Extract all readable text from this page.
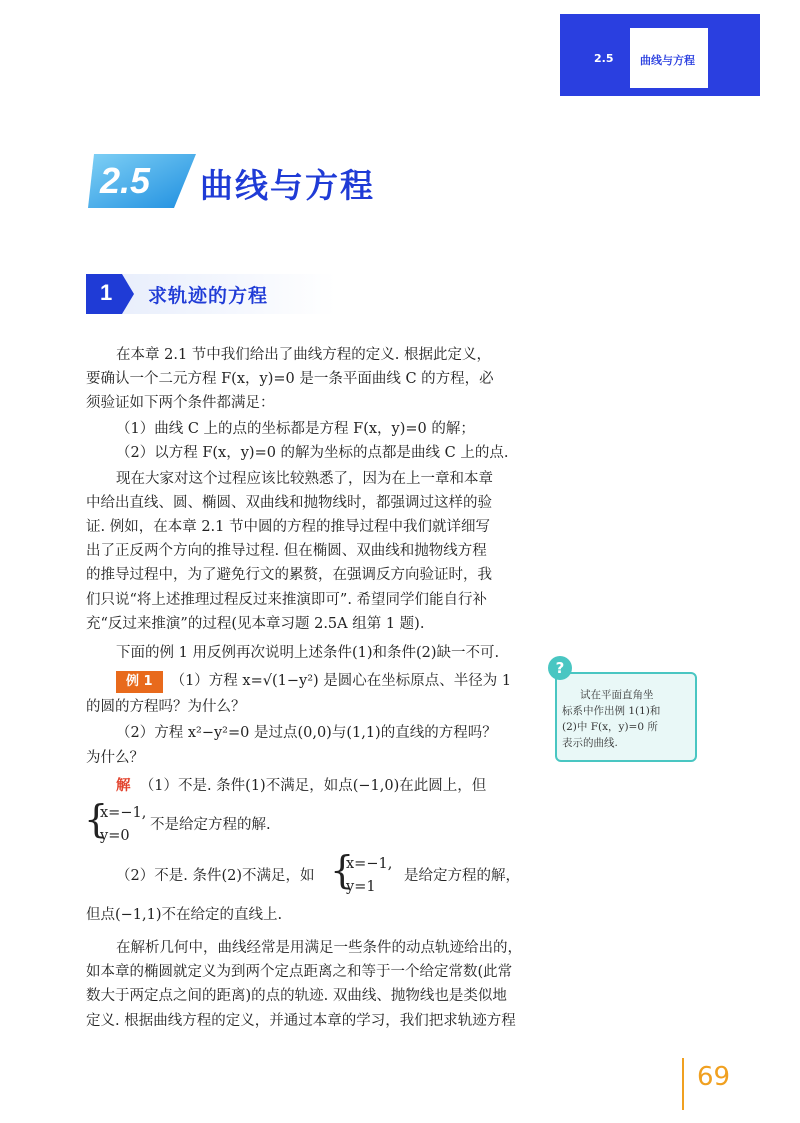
2.5 曲线与方程
* 2.5 曲线与方程
1 求轨迹的方程
在本章 2.1 节中我们给出了曲线方程的定义. 根据此定义，
要确认一个二元方程 F(x，y)=0 是一条平面曲线 C 的方程，必
须验证如下两个条件都满足：
（1）曲线 C 上的点的坐标都是方程 F(x，y)=0 的解；
（2）以方程 F(x，y)=0 的解为坐标的点都是曲线 C 上的点.
现在大家对这个过程应该比较熟悉了，因为在上一章和本章
中给出直线、圆、椭圆、双曲线和抛物线时，都强调过这样的验
证. 例如，在本章 2.1 节中圆的方程的推导过程中我们就详细写
出了正反两个方向的推导过程. 但在椭圆、双曲线和抛物线方程
的推导过程中，为了避免行文的累赘，在强调反方向验证时，我
们只说“将上述推理过程反过来推演即可”. 希望同学们能自行补
充“反过来推演”的过程(见本章习题 2.5A 组第 1 题).
下面的例 1 用反例再次说明上述条件(1)和条件(2)缺一不可.
例 1 （1）方程 x=√(1−y²) 是圆心在坐标原点、半径为 1
的圆的方程吗？为什么？
（2）方程 x²−y²=0 是过点(0,0)与(1,1)的直线的方程吗？
为什么？
解 （1）不是. 条件(1)不满足，如点(−1,0)在此圆上，但
{
x=−1,
y=0
不是给定方程的解.
（2）不是. 条件(2)不满足，如 {
x=−1,
y=1
是给定方程的解，
但点(−1,1)不在给定的直线上.
在解析几何中，曲线经常是用满足一些条件的动点轨迹给出的，
如本章的椭圆就定义为到两个定点距离之和等于一个给定常数(此常
数大于两定点之间的距离)的点的轨迹. 双曲线、抛物线也是类似地
定义. 根据曲线方程的定义，并通过本章的学习，我们把求轨迹方程
?
试在平面直角坐
标系中作出例 1(1)和
(2)中 F(x，y)=0 所
表示的曲线.
69
